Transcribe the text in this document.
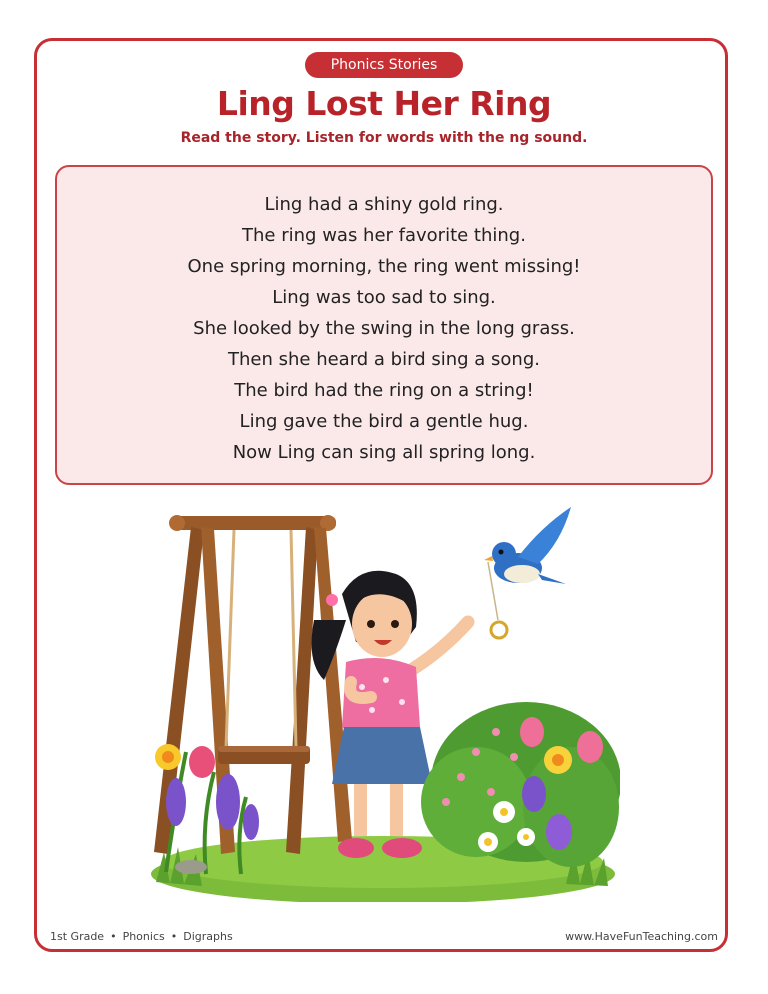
Phonics Stories
Ling Lost Her Ring
Read the story. Listen for words with the ng sound.
Ling had a shiny gold ring.
The ring was her favorite thing.
One spring morning, the ring went missing!
Ling was too sad to sing.
She looked by the swing in the long grass.
Then she heard a bird sing a song.
The bird had the ring on a string!
Ling gave the bird a gentle hug.
Now Ling can sing all spring long.
1st Grade • Phonics • Digraphs	www.HaveFunTeaching.com
